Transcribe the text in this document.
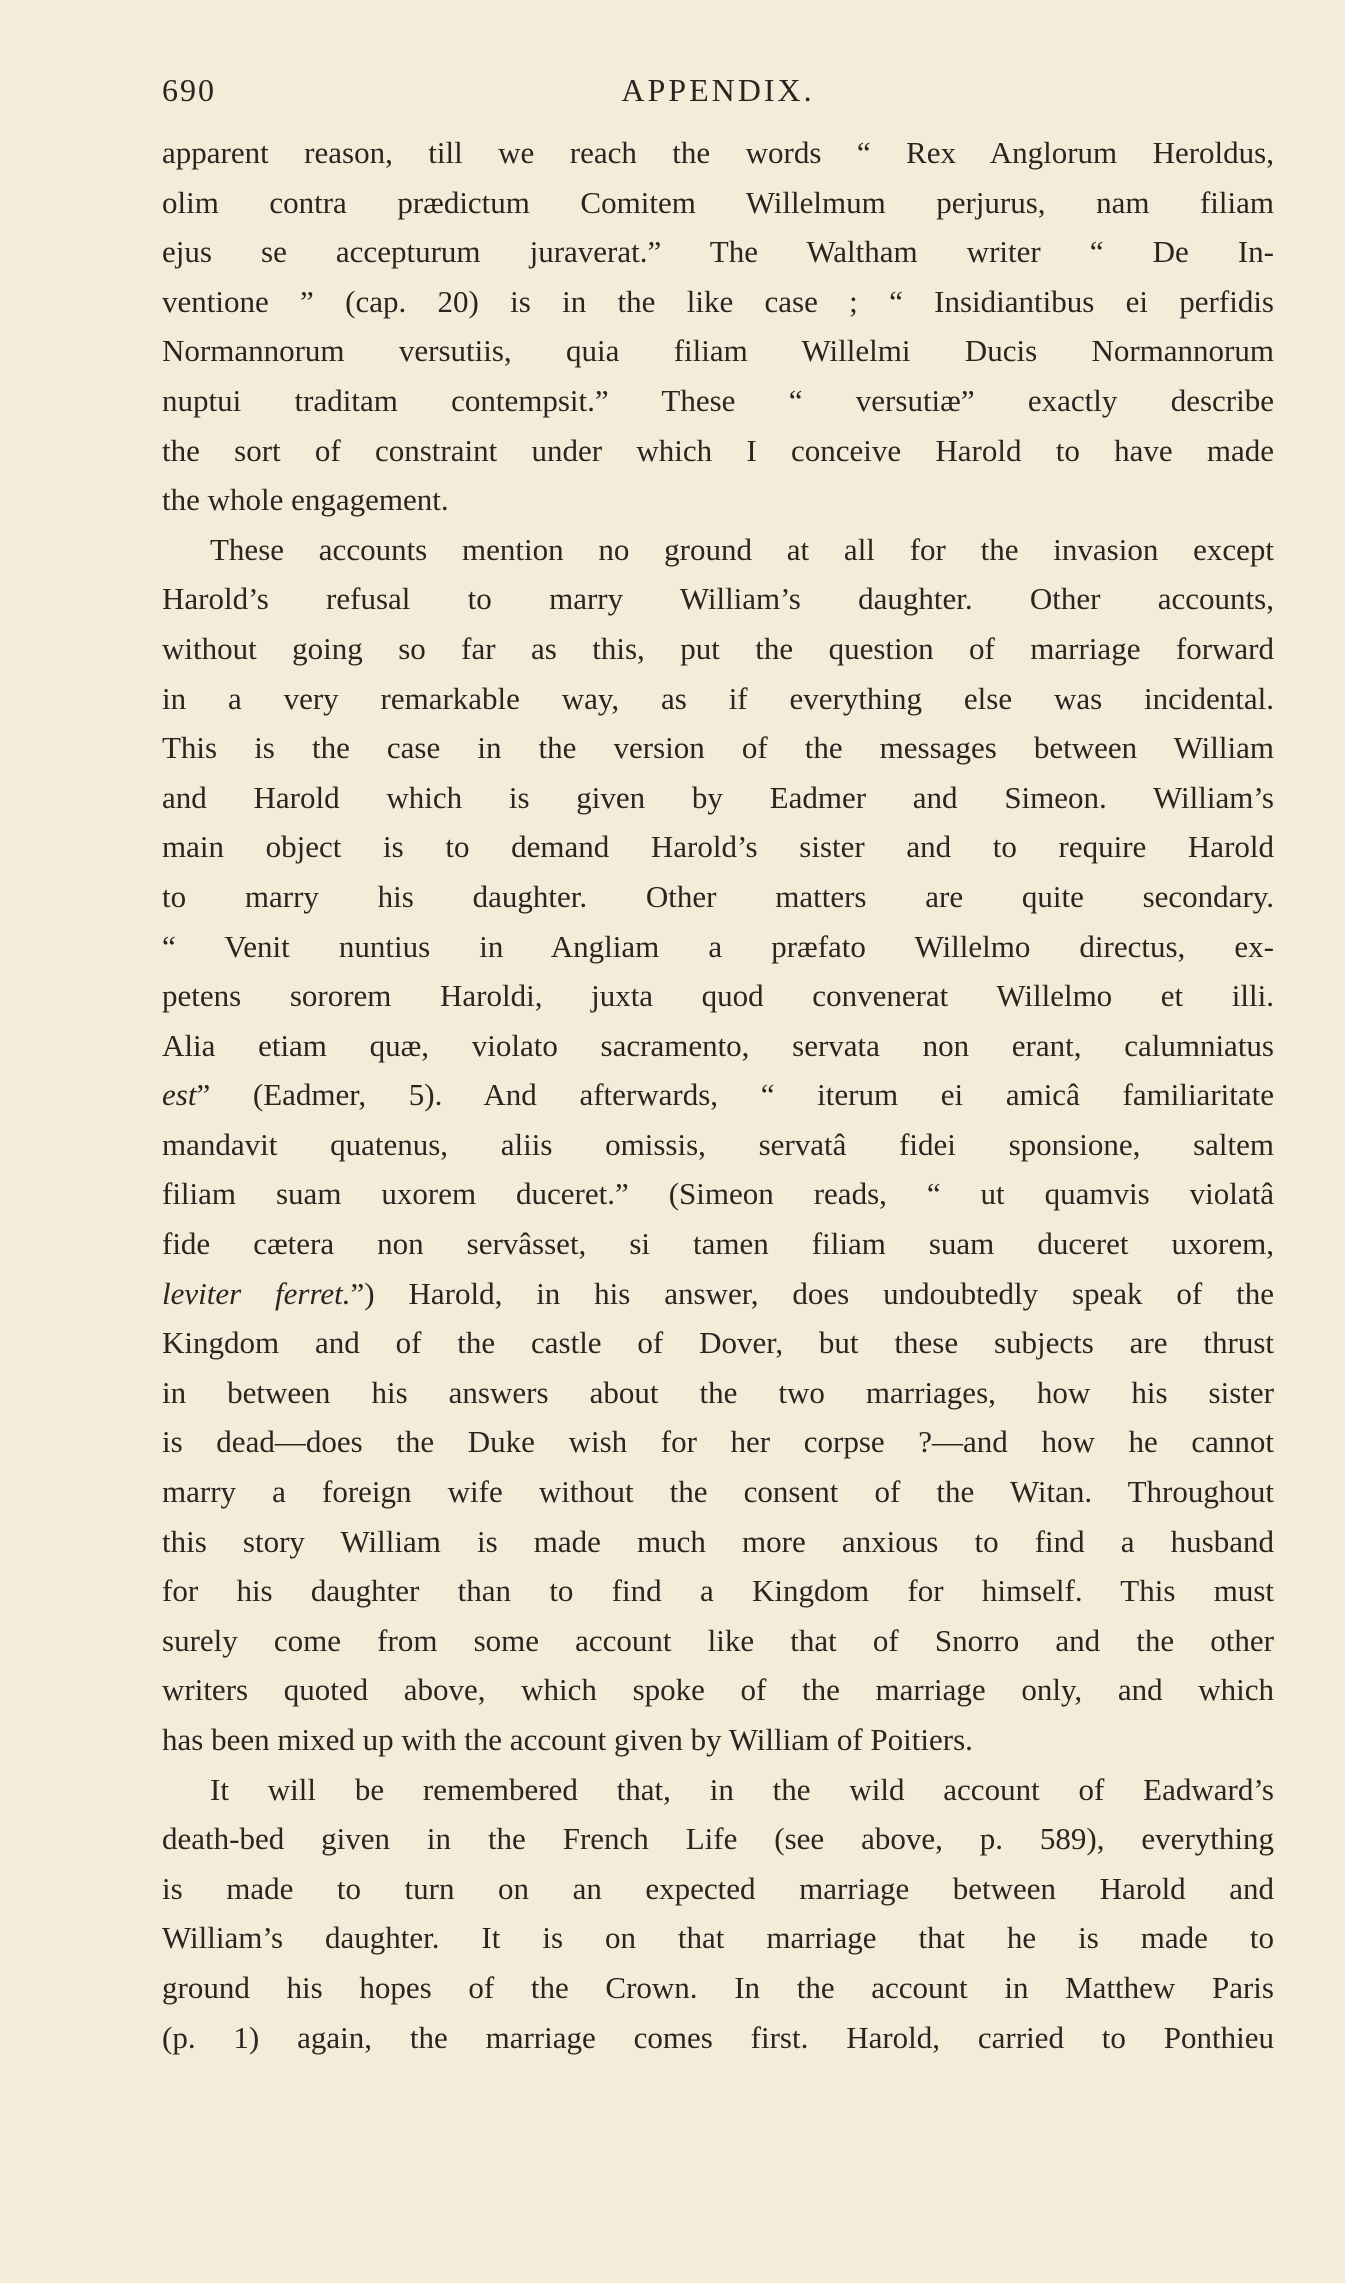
690	APPENDIX.
apparent reason, till we reach the words “ Rex Anglorum Heroldus,
olim contra prædictum Comitem Willelmum perjurus, nam filiam
ejus se accepturum juraverat.” The Waltham writer “ De In-
ventione ” (cap. 20) is in the like case ; “ Insidiantibus ei perfidis
Normannorum versutiis, quia filiam Willelmi Ducis Normannorum
nuptui traditam contempsit.” These “ versutiæ” exactly describe
the sort of constraint under which I conceive Harold to have made
the whole engagement.
These accounts mention no ground at all for the invasion except
Harold’s refusal to marry William’s daughter. Other accounts,
without going so far as this, put the question of marriage forward
in a very remarkable way, as if everything else was incidental.
This is the case in the version of the messages between William
and Harold which is given by Eadmer and Simeon. William’s
main object is to demand Harold’s sister and to require Harold
to marry his daughter. Other matters are quite secondary.
“ Venit nuntius in Angliam a præfato Willelmo directus, ex-
petens sororem Haroldi, juxta quod convenerat Willelmo et illi.
Alia etiam quæ, violato sacramento, servata non erant, calumniatus
est” (Eadmer, 5). And afterwards, “ iterum ei amicâ familiaritate
mandavit quatenus, aliis omissis, servatâ fidei sponsione, saltem
filiam suam uxorem duceret.” (Simeon reads, “ ut quamvis violatâ
fide cætera non servâsset, si tamen filiam suam duceret uxorem,
leviter ferret.”) Harold, in his answer, does undoubtedly speak of the
Kingdom and of the castle of Dover, but these subjects are thrust
in between his answers about the two marriages, how his sister
is dead—does the Duke wish for her corpse ?—and how he cannot
marry a foreign wife without the consent of the Witan. Throughout
this story William is made much more anxious to find a husband
for his daughter than to find a Kingdom for himself. This must
surely come from some account like that of Snorro and the other
writers quoted above, which spoke of the marriage only, and which
has been mixed up with the account given by William of Poitiers.
It will be remembered that, in the wild account of Eadward’s
death-bed given in the French Life (see above, p. 589), everything
is made to turn on an expected marriage between Harold and
William’s daughter. It is on that marriage that he is made to
ground his hopes of the Crown. In the account in Matthew Paris
(p. 1) again, the marriage comes first. Harold, carried to Ponthieu
